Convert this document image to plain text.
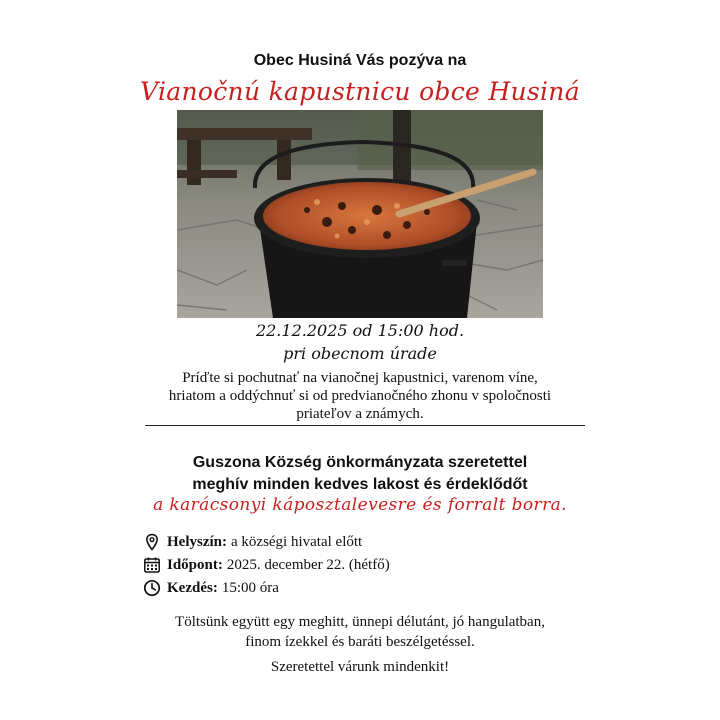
Obec Husiná Vás pozýva na
Vianočnú kapustnicu obce Husiná
22.12.2025 od 15:00 hod.
pri obecnom úrade
Príďte si pochutnať na vianočnej kapustnici, varenom víne,
hriatom a oddýchnuť si od predvianočného zhonu v spoločnosti
priateľov a známych.
Guszona Község önkormányzata szeretettel
meghív minden kedves lakost és érdeklődőt
a karácsonyi káposztalevesre és forralt borra.
Helyszín: a községi hivatal előtt
Időpont: 2025. december 22. (hétfő)
Kezdés: 15:00 óra
Töltsünk együtt egy meghitt, ünnepi délutánt, jó hangulatban,
finom ízekkel és baráti beszélgetéssel.
Szeretettel várunk mindenkit!
